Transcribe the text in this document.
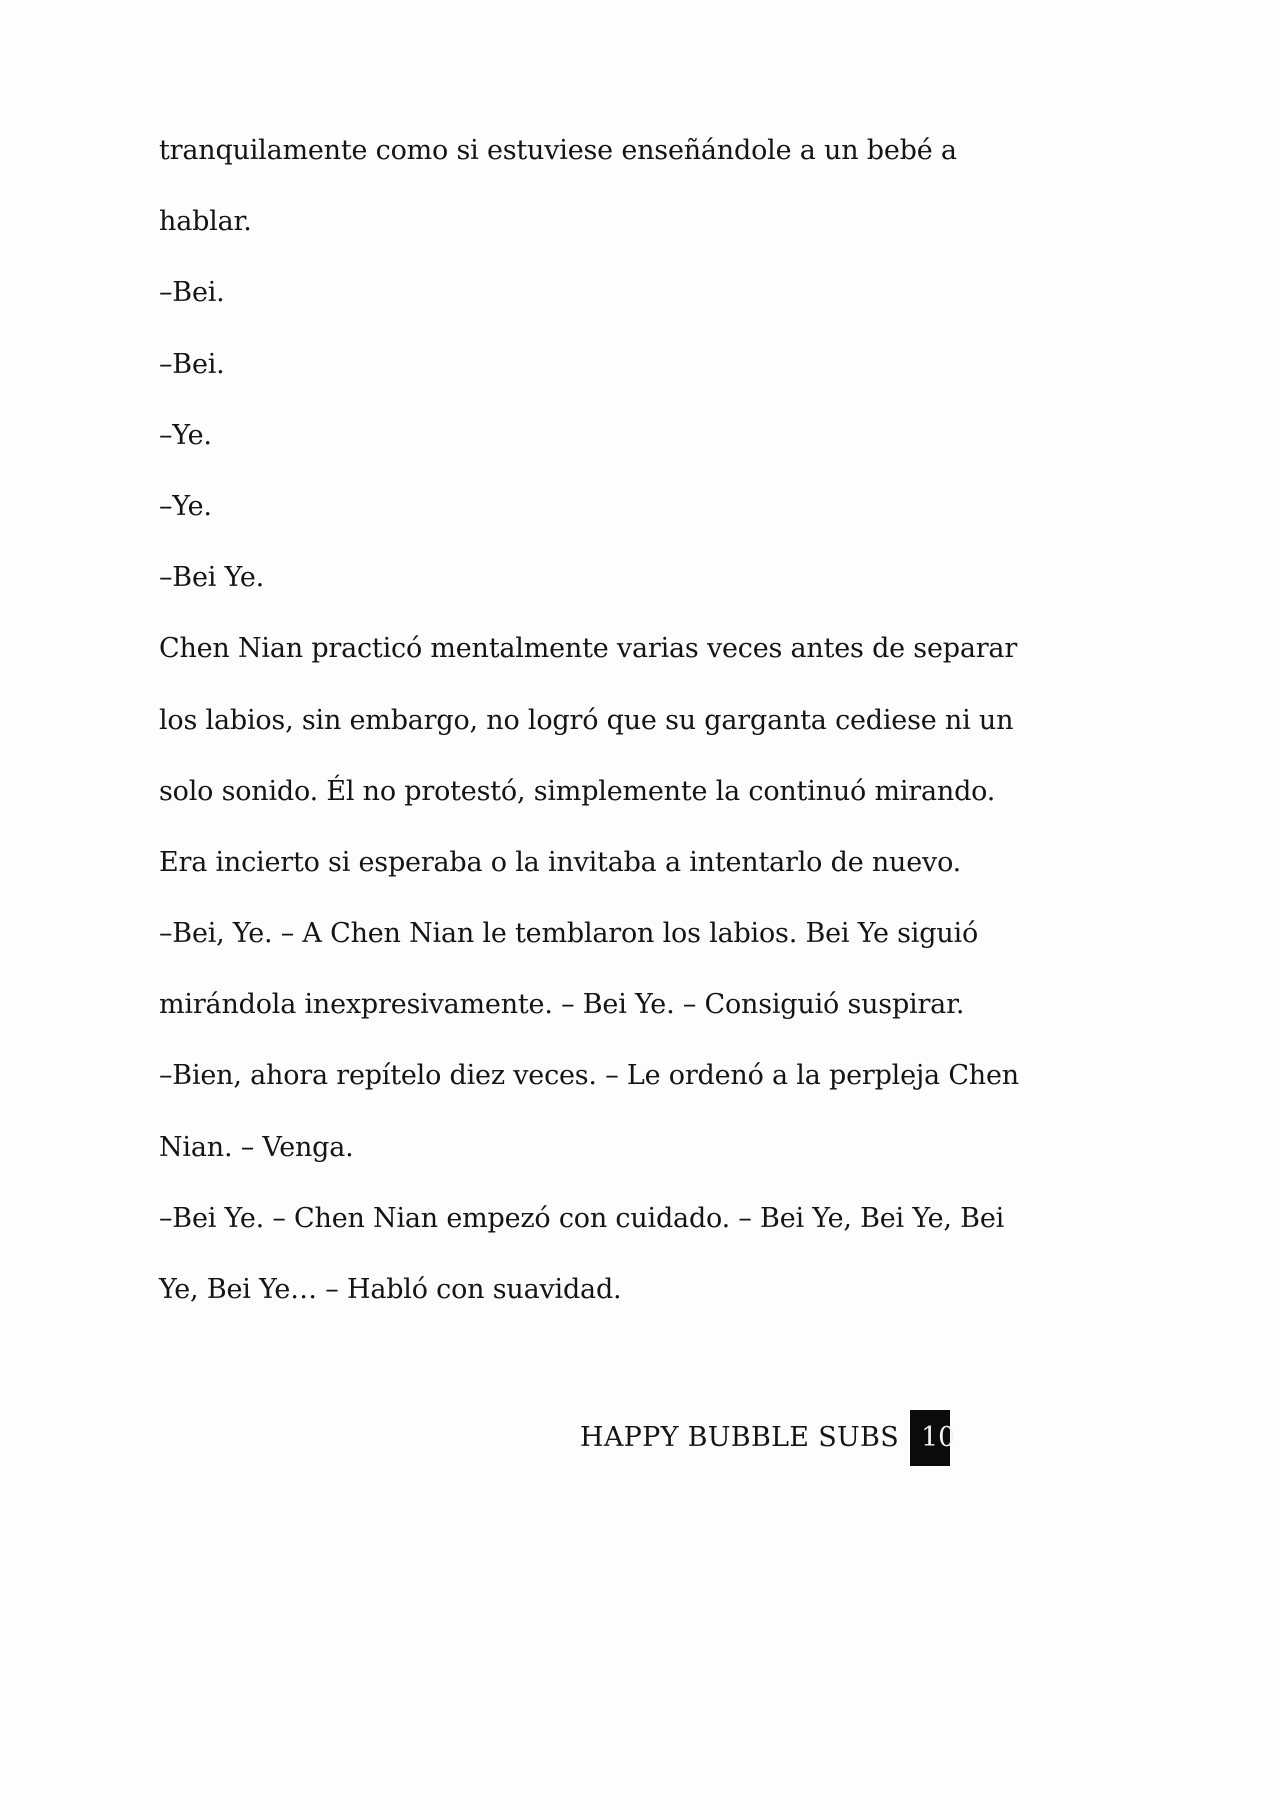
tranquilamente como si estuviese enseñándole a un bebé a
hablar.
–Bei.
–Bei.
–Ye.
–Ye.
–Bei Ye.
Chen Nian practicó mentalmente varias veces antes de separar
los labios, sin embargo, no logró que su garganta cediese ni un
solo sonido. Él no protestó, simplemente la continuó mirando.
Era incierto si esperaba o la invitaba a intentarlo de nuevo.
–Bei, Ye. – A Chen Nian le temblaron los labios. Bei Ye siguió
mirándola inexpresivamente. – Bei Ye. – Consiguió suspirar.
–Bien, ahora repítelo diez veces. – Le ordenó a la perpleja Chen
Nian. – Venga.
–Bei Ye. – Chen Nian empezó con cuidado. – Bei Ye, Bei Ye, Bei
Ye, Bei Ye… – Habló con suavidad.
HAPPY BUBBLE SUBS 10
